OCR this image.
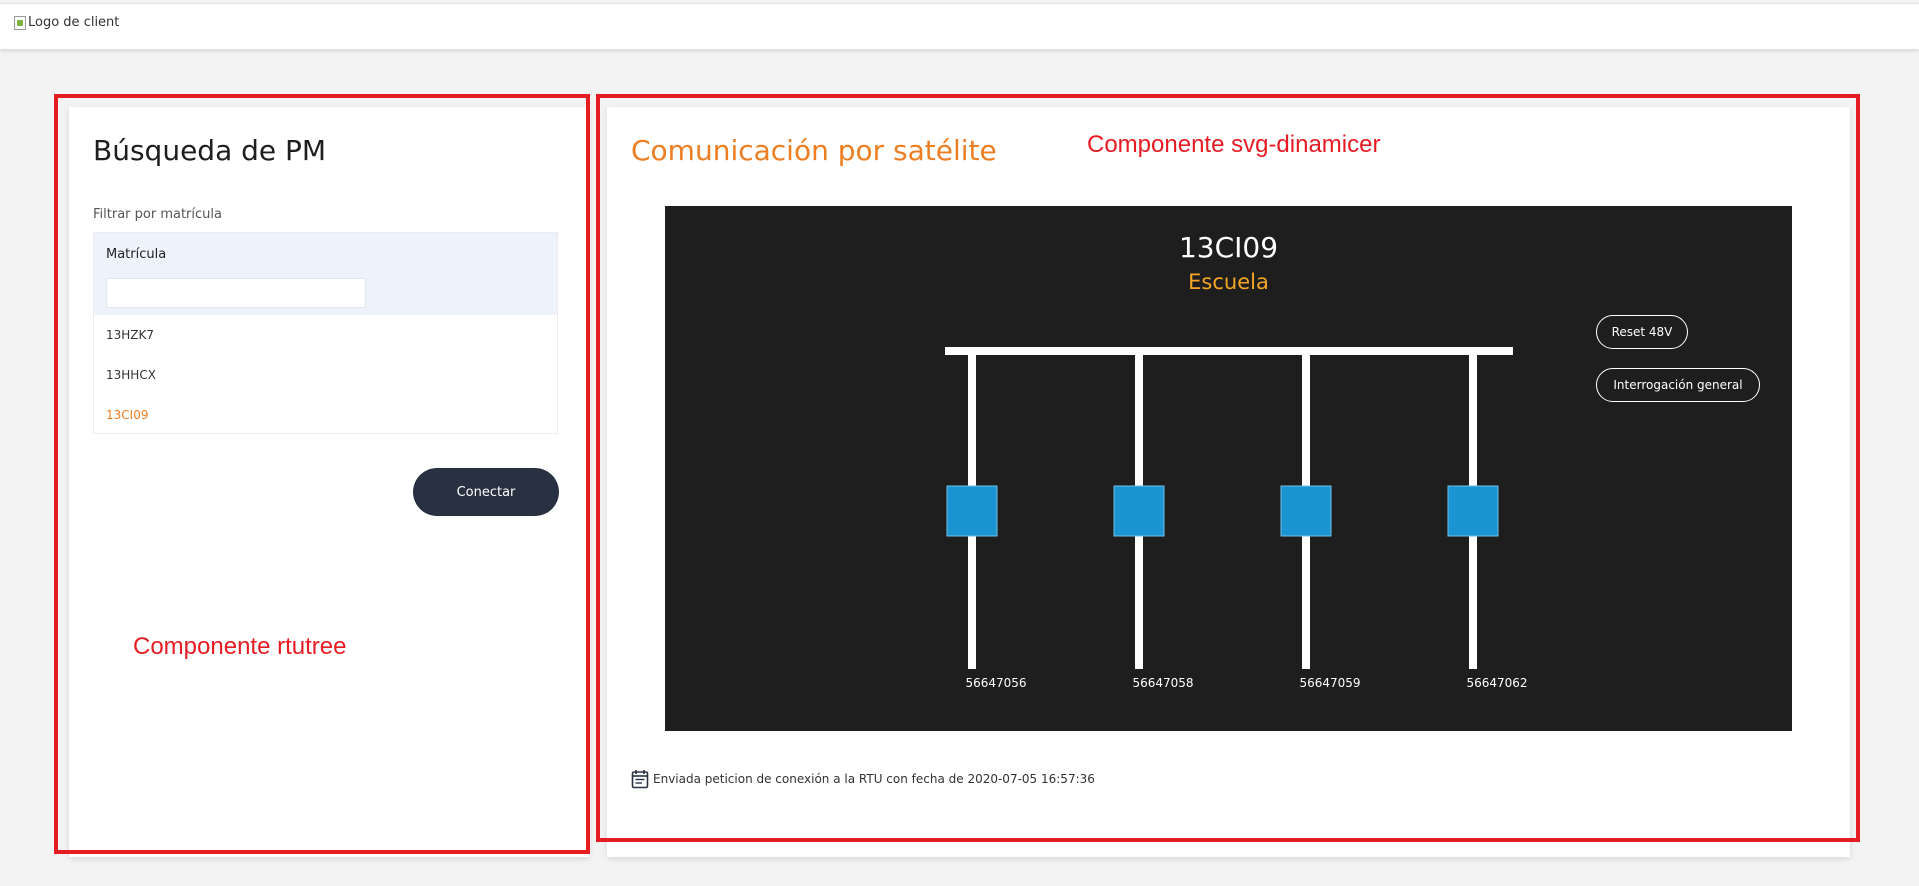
Logo de client
Búsqueda de PM
Filtrar por matrícula
Matrícula
13HZK7
13HHCX
13CI09
Conectar
Comunicación por satélite
13CI09
Escuela
Reset 48V
Interrogación general
56647056	56647058	56647059	56647062
Enviada peticion de conexión a la RTU con fecha de 2020-07-05 16:57:36
Componente rtutree
Componente svg-dinamicer
